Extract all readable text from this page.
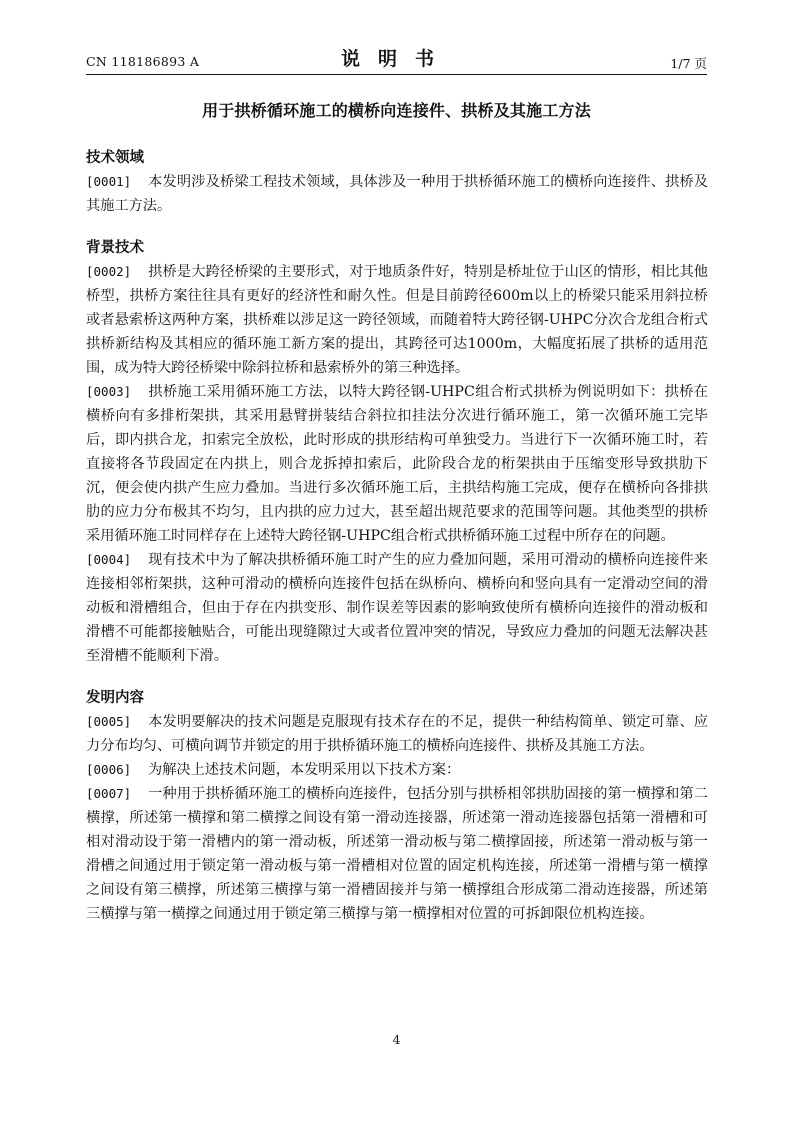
CN 118186893 A	说明书	1/7 页
用于拱桥循环施工的横桥向连接件、拱桥及其施工方法

技术领域

[0001] 本发明涉及桥梁工程技术领域，具体涉及一种用于拱桥循环施工的横桥向连接件、拱桥及其施工方法。

背景技术

[0002] 拱桥是大跨径桥梁的主要形式，对于地质条件好，特别是桥址位于山区的情形，相比其他桥型，拱桥方案往往具有更好的经济性和耐久性。但是目前跨径600m以上的桥梁只能采用斜拉桥或者悬索桥这两种方案，拱桥难以涉足这一跨径领域，而随着特大跨径钢-UHPC分次合龙组合桁式拱桥新结构及其相应的循环施工新方案的提出，其跨径可达1000m，大幅度拓展了拱桥的适用范围，成为特大跨径桥梁中除斜拉桥和悬索桥外的第三种选择。

[0003] 拱桥施工采用循环施工方法，以特大跨径钢-UHPC组合桁式拱桥为例说明如下：拱桥在横桥向有多排桁架拱，其采用悬臂拼装结合斜拉扣挂法分次进行循环施工，第一次循环施工完毕后，即内拱合龙，扣索完全放松，此时形成的拱形结构可单独受力。当进行下一次循环施工时，若直接将各节段固定在内拱上，则合龙拆掉扣索后，此阶段合龙的桁架拱由于压缩变形导致拱肋下沉，便会使内拱产生应力叠加。当进行多次循环施工后，主拱结构施工完成，便存在横桥向各排拱肋的应力分布极其不均匀，且内拱的应力过大，甚至超出规范要求的范围等问题。其他类型的拱桥采用循环施工时同样存在上述特大跨径钢-UHPC组合桁式拱桥循环施工过程中所存在的问题。

[0004] 现有技术中为了解决拱桥循环施工时产生的应力叠加问题，采用可滑动的横桥向连接件来连接相邻桁架拱，这种可滑动的横桥向连接件包括在纵桥向、横桥向和竖向具有一定滑动空间的滑动板和滑槽组合，但由于存在内拱变形、制作误差等因素的影响致使所有横桥向连接件的滑动板和滑槽不可能都接触贴合，可能出现缝隙过大或者位置冲突的情况，导致应力叠加的问题无法解决甚至滑槽不能顺利下滑。

发明内容

[0005] 本发明要解决的技术问题是克服现有技术存在的不足，提供一种结构简单、锁定可靠、应力分布均匀、可横向调节并锁定的用于拱桥循环施工的横桥向连接件、拱桥及其施工方法。

[0006] 为解决上述技术问题，本发明采用以下技术方案：

[0007] 一种用于拱桥循环施工的横桥向连接件，包括分别与拱桥相邻拱肋固接的第一横撑和第二横撑，所述第一横撑和第二横撑之间设有第一滑动连接器，所述第一滑动连接器包括第一滑槽和可相对滑动设于第一滑槽内的第一滑动板，所述第一滑动板与第二横撑固接，所述第一滑动板与第一滑槽之间通过用于锁定第一滑动板与第一滑槽相对位置的固定机构连接，所述第一滑槽与第一横撑之间设有第三横撑，所述第三横撑与第一滑槽固接并与第一横撑组合形成第二滑动连接器，所述第三横撑与第一横撑之间通过用于锁定第三横撑与第一横撑相对位置的可拆卸限位机构连接。

4
